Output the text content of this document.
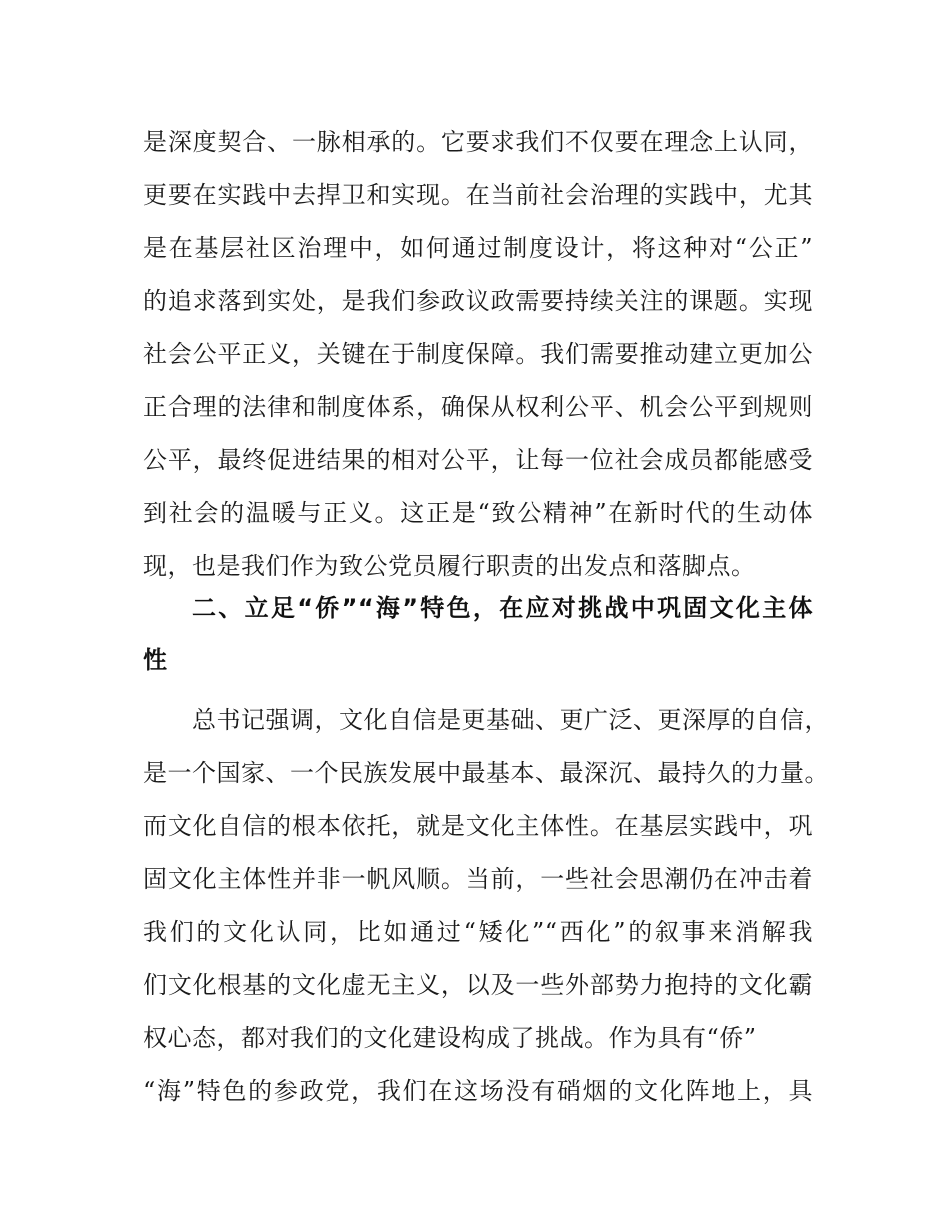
是深度契合、一脉相承的。它要求我们不仅要在理念上认同，
更要在实践中去捍卫和实现。在当前社会治理的实践中，尤其
是在基层社区治理中，如何通过制度设计，将这种对“公正”
的追求落到实处，是我们参政议政需要持续关注的课题。实现
社会公平正义，关键在于制度保障。我们需要推动建立更加公
正合理的法律和制度体系，确保从权利公平、机会公平到规则
公平，最终促进结果的相对公平，让每一位社会成员都能感受
到社会的温暖与正义。这正是“致公精神”在新时代的生动体
现，也是我们作为致公党员履行职责的出发点和落脚点。
二、立足“侨”“海”特色，在应对挑战中巩固文化主体
性
总书记强调，文化自信是更基础、更广泛、更深厚的自信，
是一个国家、一个民族发展中最基本、最深沉、最持久的力量。
而文化自信的根本依托，就是文化主体性。在基层实践中，巩
固文化主体性并非一帆风顺。当前，一些社会思潮仍在冲击着
我们的文化认同，比如通过“矮化”“西化”的叙事来消解我
们文化根基的文化虚无主义，以及一些外部势力抱持的文化霸
权心态，都对我们的文化建设构成了挑战。作为具有“侨”
“海”特色的参政党，我们在这场没有硝烟的文化阵地上，具
